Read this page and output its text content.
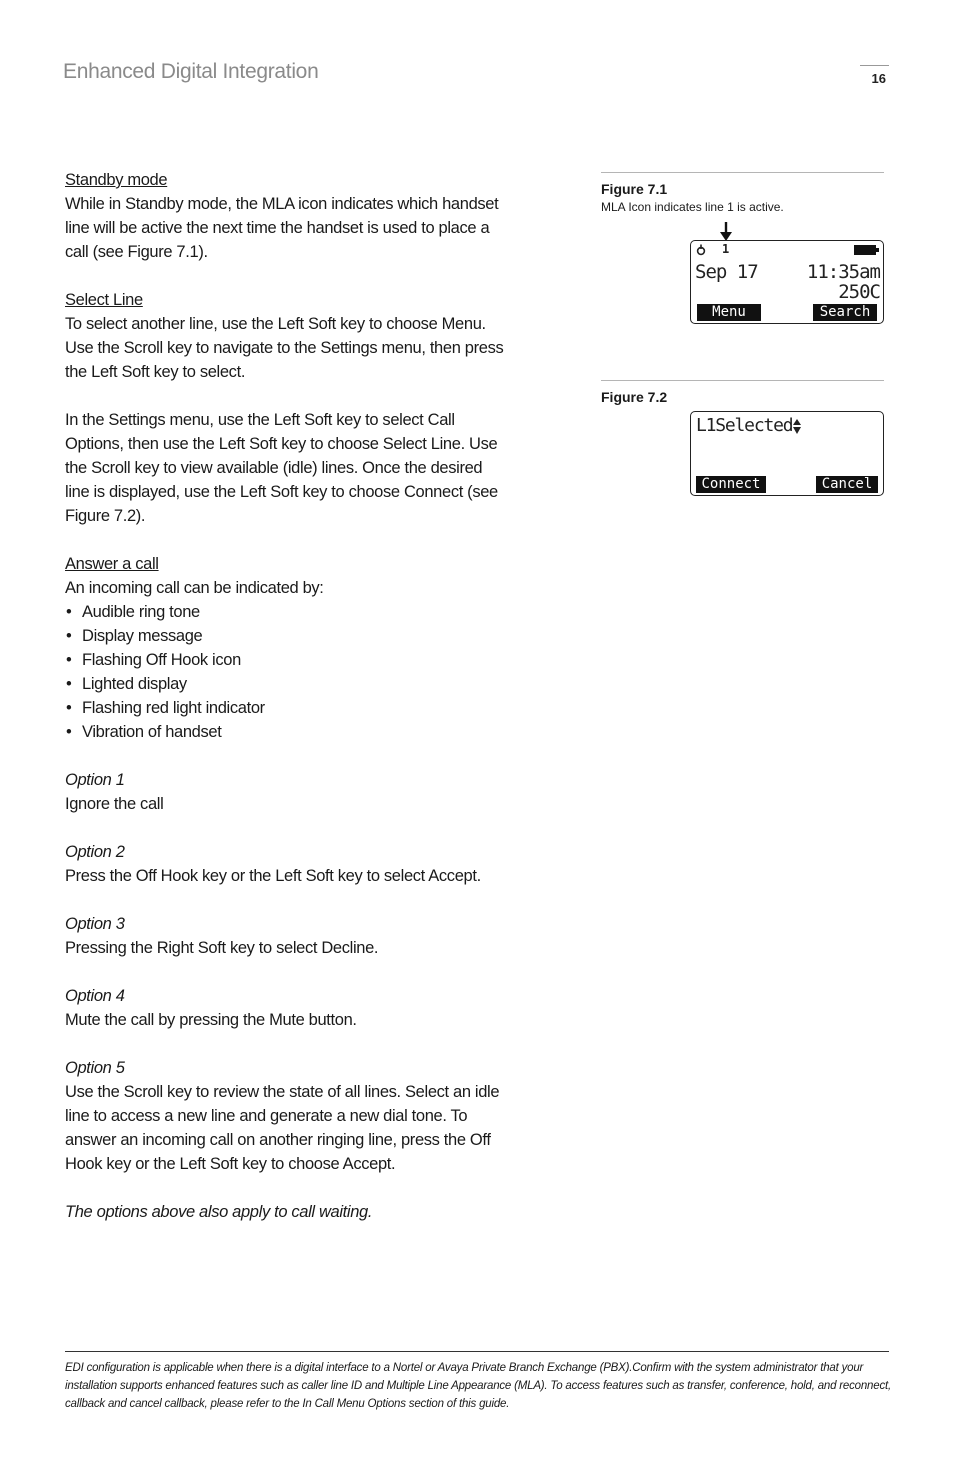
Enhanced Digital Integration	16

Standby mode

While in Standby mode, the MLA icon indicates which handset line will be active the next time the handset is used to place a call (see Figure 7.1).

Select Line

To select another line, use the Left Soft key to choose Menu. Use the Scroll key to navigate to the Settings menu, then press the Left Soft key to select.

In the Settings menu, use the Left Soft key to select Call Options, then use the Left Soft key to choose Select Line. Use the Scroll key to view available (idle) lines. Once the desired line is displayed, use the Left Soft key to choose Connect (see Figure 7.2).

Answer a call

An incoming call can be indicated by:

• Audible ring tone
• Display message
• Flashing Off Hook icon
• Lighted display
• Flashing red light indicator
• Vibration of handset

Option 1

Ignore the call

Option 2

Press the Off Hook key or the Left Soft key to select Accept.

Option 3

Pressing the Right Soft key to select Decline.

Option 4

Mute the call by pressing the Mute button.

Option 5

Use the Scroll key to review the state of all lines. Select an idle line to access a new line and generate a new dial tone. To answer an incoming call on another ringing line, press the Off Hook key or the Left Soft key to choose Accept.

The options above also apply to call waiting.

Figure 7.1
MLA Icon indicates line 1 is active.
1
Sep 17	11:35am
250C
Menu	Search
Figure 7.2
L1Selected
Connect	Cancel
EDI configuration is applicable when there is a digital interface to a Nortel or Avaya Private Branch Exchange (PBX).Confirm with the system administrator that your installation supports enhanced features such as caller line ID and Multiple Line Appearance (MLA). To access features such as transfer, conference, hold, and reconnect, callback and cancel callback, please refer to the In Call Menu Options section of this guide.
